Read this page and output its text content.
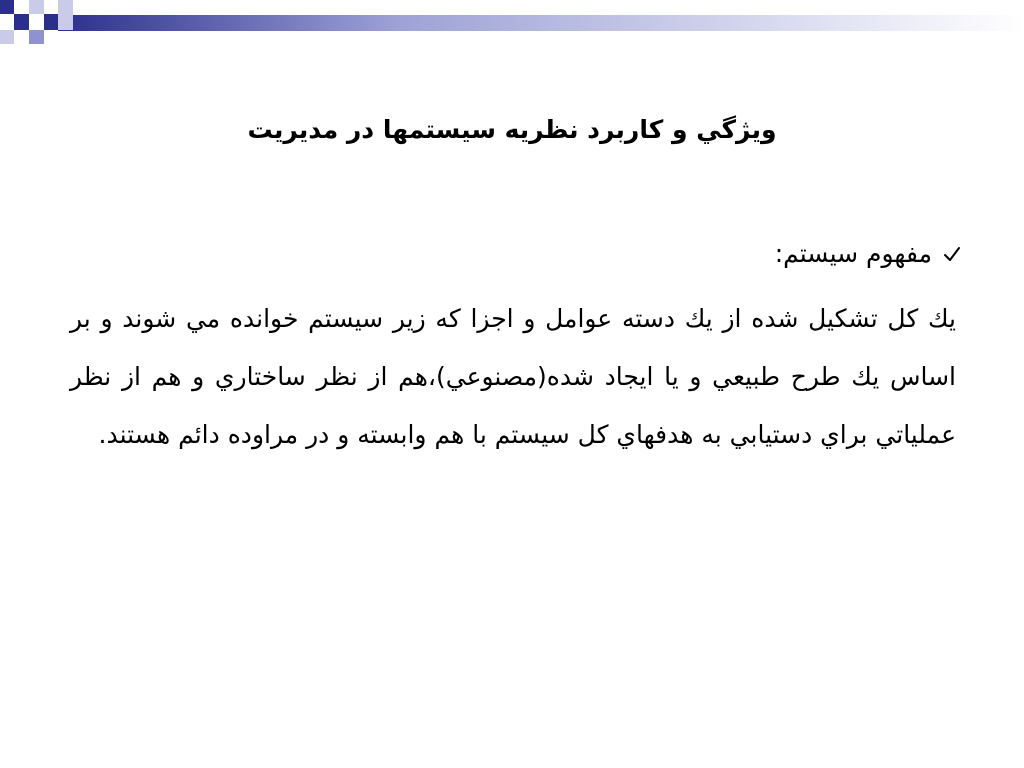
ويژگي و كاربرد نظريه سيستمها در مديريت
مفهوم سيستم:
يك كل تشكيل شده از يك دسته عوامل و اجزا كه زير سيستم خوانده مي شوند و بر اساس يك طرح طبيعي و يا ايجاد شده(مصنوعي)،هم از نظر ساختاري و هم از نظر عملياتي براي دستيابي به هدفهاي كل سيستم با هم وابسته و در مراوده دائم هستند.
